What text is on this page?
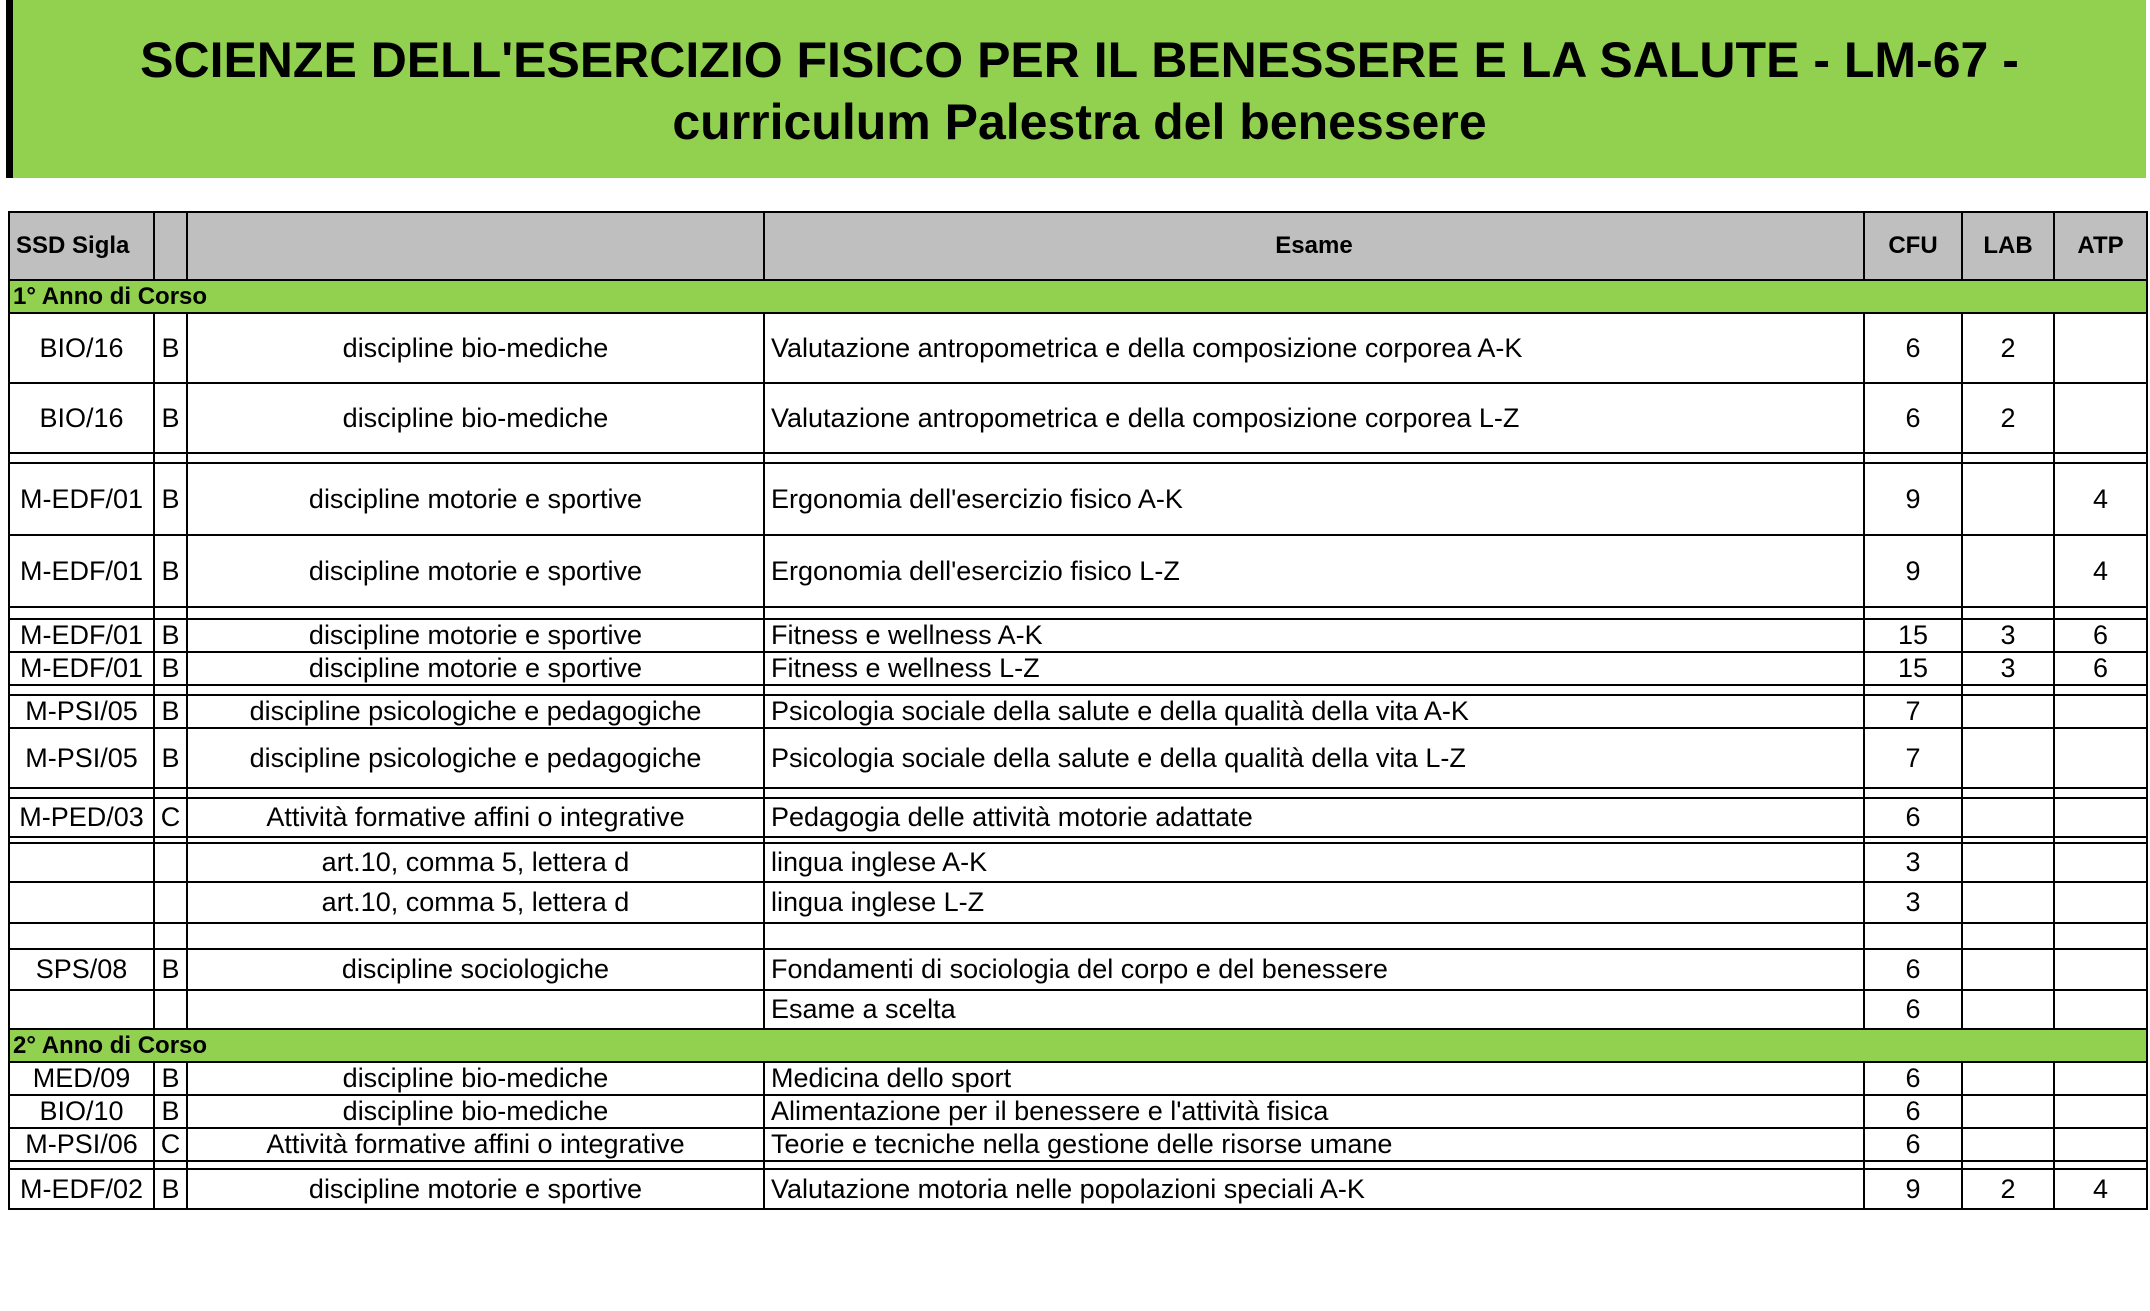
SCIENZE DELL'ESERCIZIO FISICO PER IL BENESSERE E LA SALUTE - LM-67 -
curriculum Palestra del benessere
SSD Sigla			Esame	CFU	LAB	ATP
1° Anno di Corso						
BIO/16	B	discipline bio-mediche	Valutazione antropometrica e della composizione corporea A-K	6	2	
BIO/16	B	discipline bio-mediche	Valutazione antropometrica e della composizione corporea L-Z	6	2	

M-EDF/01	B	discipline motorie e sportive	Ergonomia dell'esercizio fisico A-K	9		4
M-EDF/01	B	discipline motorie e sportive	Ergonomia dell'esercizio fisico L-Z	9		4

M-EDF/01	B	discipline motorie e sportive	Fitness e wellness A-K	15	3	6
M-EDF/01	B	discipline motorie e sportive	Fitness e wellness L-Z	15	3	6

M-PSI/05	B	discipline psicologiche e pedagogiche	Psicologia sociale della salute e della qualità della vita A-K	7		
M-PSI/05	B	discipline psicologiche e pedagogiche	Psicologia sociale della salute e della qualità della vita L-Z	7		

M-PED/03	C	Attività formative affini o integrative	Pedagogia delle attività motorie adattate	6		

		art.10, comma 5, lettera d	lingua inglese A-K	3		
		art.10, comma 5, lettera d	lingua inglese L-Z	3		

SPS/08	B	discipline sociologiche	Fondamenti di sociologia del corpo e del benessere	6		
			Esame a scelta	6		
2° Anno di Corso						
MED/09	B	discipline bio-mediche	Medicina dello sport	6		
BIO/10	B	discipline bio-mediche	Alimentazione per il benessere e l'attività fisica	6		
M-PSI/06	C	Attività formative affini o integrative	Teorie e tecniche nella gestione delle risorse umane	6		

M-EDF/02	B	discipline motorie e sportive	Valutazione motoria nelle popolazioni speciali A-K	9	2	4
